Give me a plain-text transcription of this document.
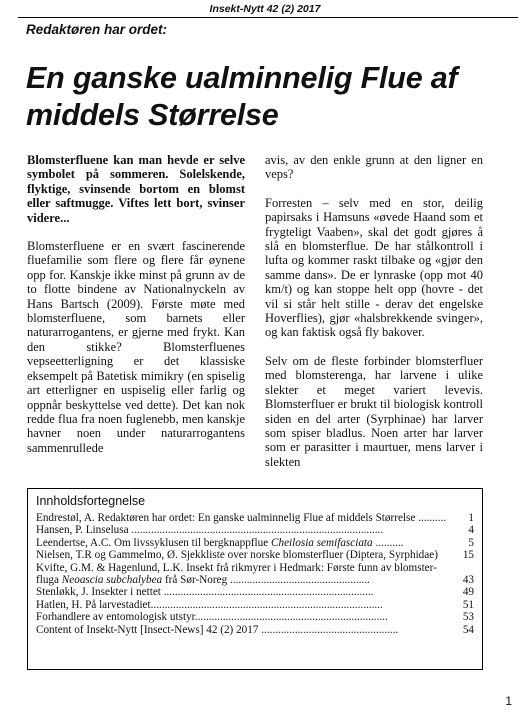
Insekt-Nytt 42 (2) 2017
Redaktøren har ordet:
En ganske ualminnelig Flue af middels Størrelse

Blomsterfluene kan man hevde er selve symbolet på sommeren. Solelskende, flyktige, svinsende bortom en blomst eller saftmugge. Viftes lett bort, svinser videre...

Blomsterfluene er en svært fascinerende fluefamilie som flere og flere får øynene opp for. Kanskje ikke minst på grunn av de to flotte bindene av Nationalnyckeln av Hans Bartsch (2009). Første møte med blomsterfluene, som barnets eller naturarrogantens, er gjerne med frykt. Kan den stikke? Blomsterfluenes vepseetterligning er det klassiske eksempelt på Batetisk mimikry (en spiselig art etterligner en uspiselig eller farlig og oppnår beskyttelse ved dette). Det kan nok redde flua fra noen fuglenebb, men kanskje havner noen under naturarrogantens sammenrullede

avis, av den enkle grunn at den ligner en veps?

Forresten – selv med en stor, deilig papirsaks i Hamsuns «øvede Haand som et frygteligt Vaaben», skal det godt gjøres å slå en blomsterflue. De har stålkontroll i lufta og kommer raskt tilbake og «gjør den samme dans». De er lynraske (opp mot 40 km/t) og kan stoppe helt opp (hovre - det vil si står helt stille - derav det engelske Hoverflies), gjør «halsbrekkende svinger», og kan faktisk også fly bakover.

Selv om de fleste forbinder blomsterfluer med blomsterenga, har larvene i ulike slekter et meget variert levevis. Blomsterfluer er brukt til biologisk kontroll siden en del arter (Syrphinae) har larver som spiser bladlus. Noen arter har larver som er parasitter i maurtuer, mens larver i slekten

Innholdsfortegnelse
Endrestøl, A. Redaktøren har ordet: En ganske ualminnelig Flue af middels Størrelse ..........	1
Hansen, P. Linselusa ..........................................................................................	4
Leendertse, A.C. Om livssyklusen til bergknappflue Cheilosia semifasciata ..........	5
Nielsen, T.R og Gammelmo, Ø. Sjekkliste over norske blomsterfluer (Diptera, Syrphidae)	15
Kvifte, G.M. & Hagenlund, L.K. Insekt frå rikmyrer i Hedmark: Første funn av blomster-
fluga Neoascia subchalybea frå Sør-Noreg ..................................................	43
Stenløkk, J. Insekter i nettet ...........................................................................	49
Hatlen, H. På larvestadiet...................................................................................	51
Forhandlere av entomologisk utstyr.....................................................................	53
Content of Insekt-Nytt [Insect-News] 42 (2) 2017 .................................................	54
1
